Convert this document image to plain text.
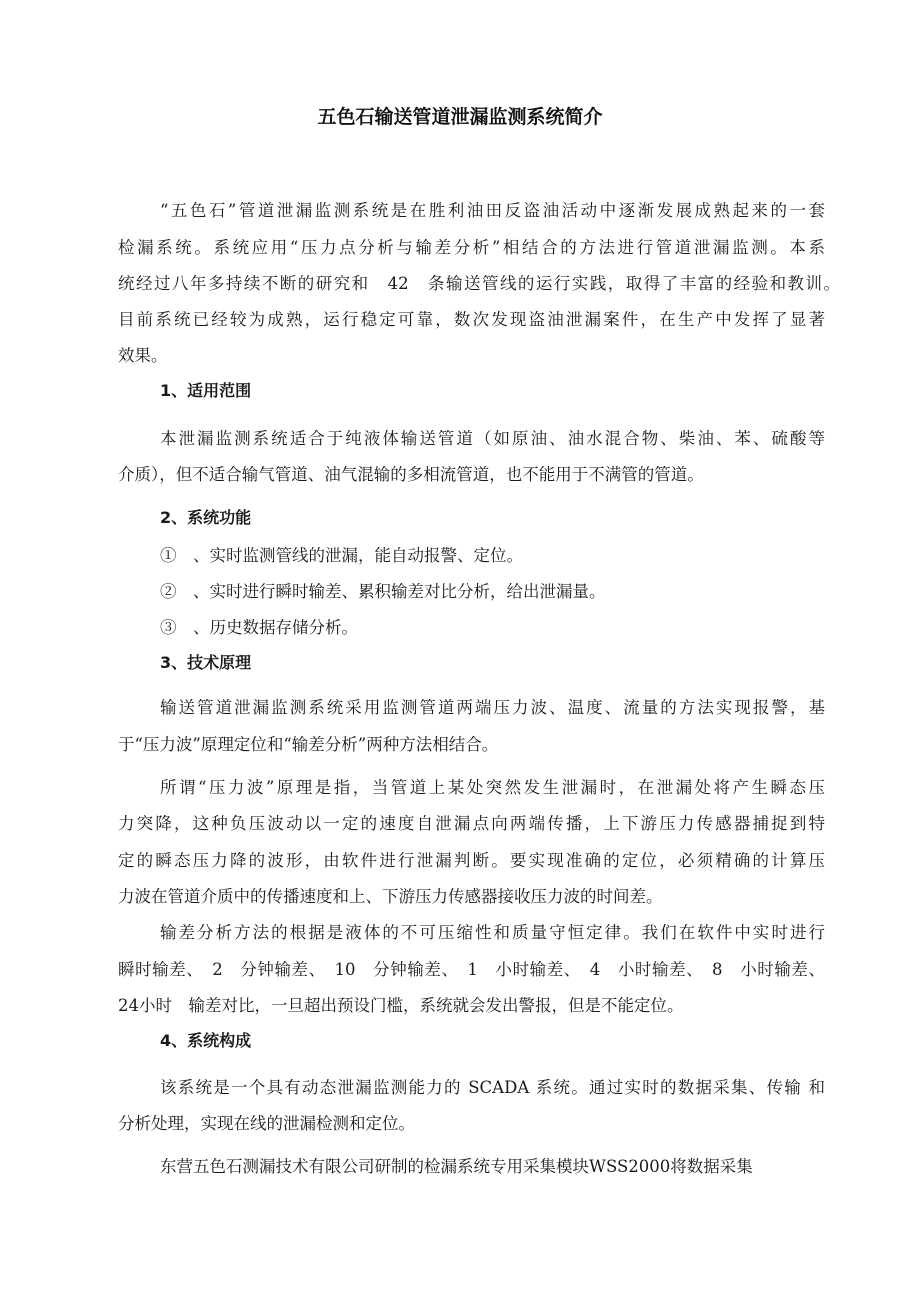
五色石输送管道泄漏监测系统简介
“五色石”管道泄漏监测系统是在胜利油田反盗油活动中逐渐发展成熟起来的一套
检漏系统。系统应用“压力点分析与输差分析”相结合的方法进行管道泄漏监测。本系
统经过八年多持续不断的研究和　42　条输送管线的运行实践，取得了丰富的经验和教训。
目前系统已经较为成熟，运行稳定可靠，数次发现盗油泄漏案件，在生产中发挥了显著
效果。
1、适用范围
本泄漏监测系统适合于纯液体输送管道（如原油、油水混合物、柴油、苯、硫酸等
介质），但不适合输气管道、油气混输的多相流管道，也不能用于不满管的管道。
2、系统功能
①　、实时监测管线的泄漏，能自动报警、定位。
②　、实时进行瞬时输差、累积输差对比分析，给出泄漏量。
③　、历史数据存储分析。
3、技术原理
输送管道泄漏监测系统采用监测管道两端压力波、温度、流量的方法实现报警，基
于“压力波”原理定位和“输差分析”两种方法相结合。
所谓“压力波”原理是指，当管道上某处突然发生泄漏时，在泄漏处将产生瞬态压
力突降，这种负压波动以一定的速度自泄漏点向两端传播，上下游压力传感器捕捉到特
定的瞬态压力降的波形，由软件进行泄漏判断。要实现准确的定位，必须精确的计算压
力波在管道介质中的传播速度和上、下游压力传感器接收压力波的时间差。
输差分析方法的根据是液体的不可压缩性和质量守恒定律。我们在软件中实时进行
瞬时输差、　2　分钟输差、　10　分钟输差、　1　小时输差、　4　小时输差、　8　小时输差、
24小时　输差对比，一旦超出预设门槛，系统就会发出警报，但是不能定位。
4、系统构成
该系统是一个具有动态泄漏监测能力的 SCADA 系统。通过实时的数据采集、传输 和
分析处理，实现在线的泄漏检测和定位。
东营五色石测漏技术有限公司研制的检漏系统专用采集模块WSS2000将数据采集
